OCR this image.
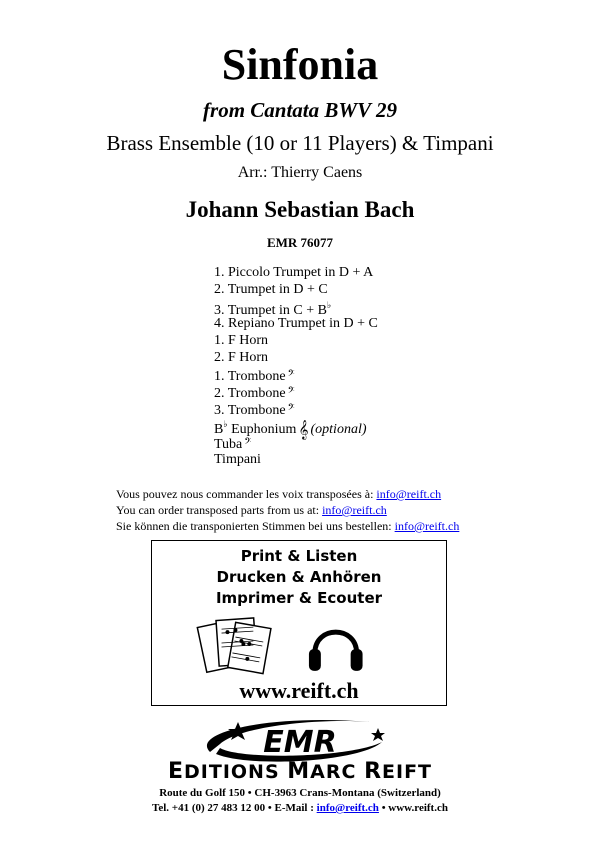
Sinfonia
from Cantata BWV 29
Brass Ensemble (10 or 11 Players) & Timpani
Arr.: Thierry Caens
Johann Sebastian Bach
EMR 76077
1. Piccolo Trumpet in D + A
2. Trumpet in D + C
3. Trumpet in C + B♭
4. Repiano Trumpet in D + C
1. F Horn
2. F Horn
1. Trombone 𝄢
2. Trombone 𝄢
3. Trombone 𝄢
B♭ Euphonium 𝄞 (optional)
Tuba 𝄢
Timpani
Vous pouvez nous commander les voix transposées à: info@reift.ch
You can order transposed parts from us at: info@reift.ch
Sie können die transponierten Stimmen bei uns bestellen: info@reift.ch
Print & Listen
Drucken & Anhören
Imprimer & Ecouter
www.reift.ch
EMR
EDITIONS MARC REIFT
Route du Golf 150 • CH-3963 Crans-Montana (Switzerland)
Tel. +41 (0) 27 483 12 00 • E-Mail : info@reift.ch • www.reift.ch
